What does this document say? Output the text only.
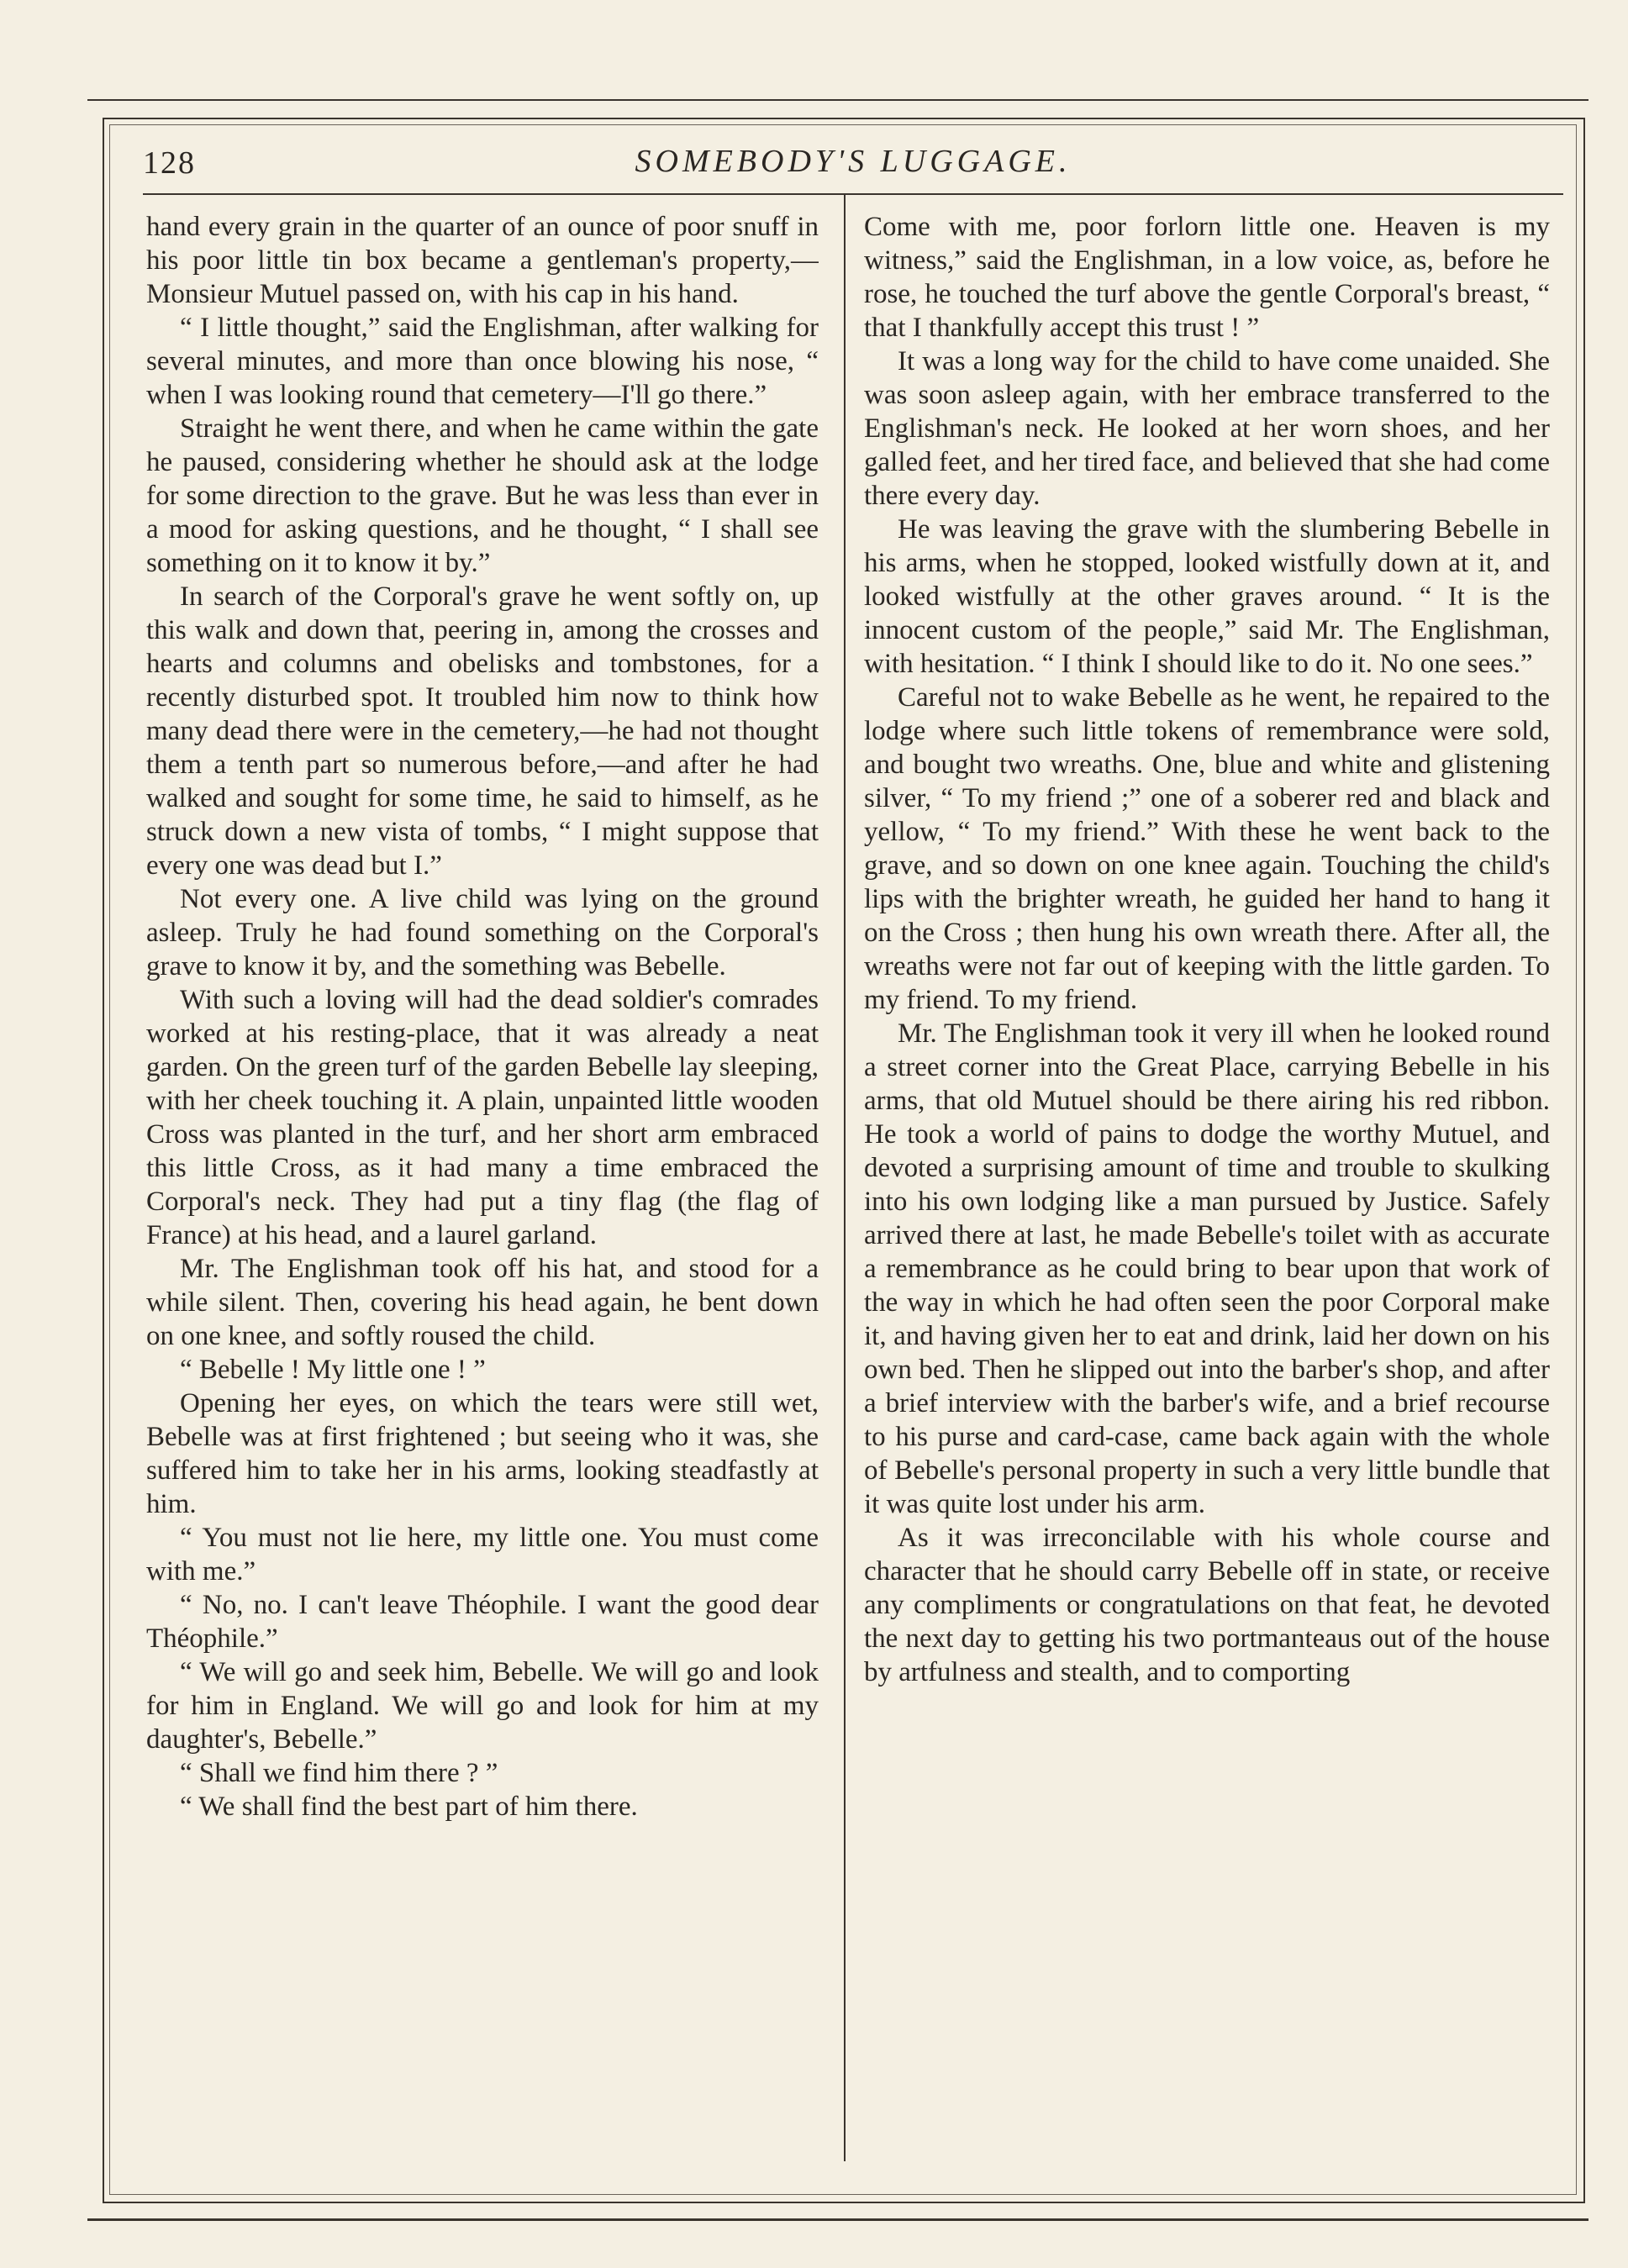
128	SOMEBODY'S LUGGAGE.

hand every grain in the quarter of an ounce of poor snuff in his poor little tin box became a gentleman's property,—Monsieur Mutuel passed on, with his cap in his hand.

“ I little thought,” said the Englishman, after walking for several minutes, and more than once blowing his nose, “ when I was looking round that cemetery—I'll go there.”

Straight he went there, and when he came within the gate he paused, considering whether he should ask at the lodge for some direction to the grave. But he was less than ever in a mood for asking questions, and he thought, “ I shall see something on it to know it by.”

In search of the Corporal's grave he went softly on, up this walk and down that, peering in, among the crosses and hearts and columns and obelisks and tombstones, for a recently disturbed spot. It troubled him now to think how many dead there were in the cemetery,—he had not thought them a tenth part so numerous before,—and after he had walked and sought for some time, he said to himself, as he struck down a new vista of tombs, “ I might suppose that every one was dead but I.”

Not every one. A live child was lying on the ground asleep. Truly he had found something on the Corporal's grave to know it by, and the something was Bebelle.

With such a loving will had the dead soldier's comrades worked at his resting-place, that it was already a neat garden. On the green turf of the garden Bebelle lay sleeping, with her cheek touching it. A plain, unpainted little wooden Cross was planted in the turf, and her short arm embraced this little Cross, as it had many a time embraced the Corporal's neck. They had put a tiny flag (the flag of France) at his head, and a laurel garland.

Mr. The Englishman took off his hat, and stood for a while silent. Then, covering his head again, he bent down on one knee, and softly roused the child.

“ Bebelle ! My little one ! ”

Opening her eyes, on which the tears were still wet, Bebelle was at first frightened ; but seeing who it was, she suffered him to take her in his arms, looking steadfastly at him.

“ You must not lie here, my little one. You must come with me.”

“ No, no. I can't leave Théophile. I want the good dear Théophile.”

“ We will go and seek him, Bebelle. We will go and look for him in England. We will go and look for him at my daughter's, Bebelle.”

“ Shall we find him there ? ”

“ We shall find the best part of him there.

Come with me, poor forlorn little one. Heaven is my witness,” said the Englishman, in a low voice, as, before he rose, he touched the turf above the gentle Corporal's breast, “ that I thankfully accept this trust ! ”

It was a long way for the child to have come unaided. She was soon asleep again, with her embrace transferred to the Englishman's neck. He looked at her worn shoes, and her galled feet, and her tired face, and believed that she had come there every day.

He was leaving the grave with the slumbering Bebelle in his arms, when he stopped, looked wistfully down at it, and looked wistfully at the other graves around. “ It is the innocent custom of the people,” said Mr. The Englishman, with hesitation. “ I think I should like to do it. No one sees.”

Careful not to wake Bebelle as he went, he repaired to the lodge where such little tokens of remembrance were sold, and bought two wreaths. One, blue and white and glistening silver, “ To my friend ;” one of a soberer red and black and yellow, “ To my friend.” With these he went back to the grave, and so down on one knee again. Touching the child's lips with the brighter wreath, he guided her hand to hang it on the Cross ; then hung his own wreath there. After all, the wreaths were not far out of keeping with the little garden. To my friend. To my friend.

Mr. The Englishman took it very ill when he looked round a street corner into the Great Place, carrying Bebelle in his arms, that old Mutuel should be there airing his red ribbon. He took a world of pains to dodge the worthy Mutuel, and devoted a surprising amount of time and trouble to skulking into his own lodging like a man pursued by Justice. Safely arrived there at last, he made Bebelle's toilet with as accurate a remembrance as he could bring to bear upon that work of the way in which he had often seen the poor Corporal make it, and having given her to eat and drink, laid her down on his own bed. Then he slipped out into the barber's shop, and after a brief interview with the barber's wife, and a brief recourse to his purse and card-case, came back again with the whole of Bebelle's personal property in such a very little bundle that it was quite lost under his arm.

As it was irreconcilable with his whole course and character that he should carry Bebelle off in state, or receive any compliments or congratulations on that feat, he devoted the next day to getting his two portmanteaus out of the house by artfulness and stealth, and to comporting
